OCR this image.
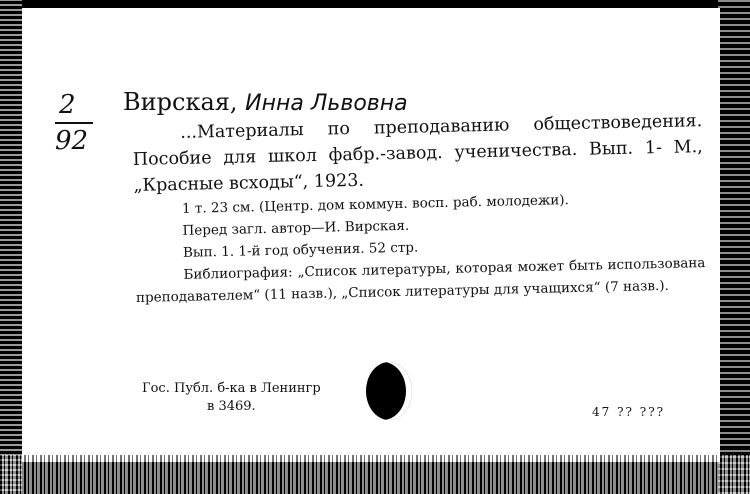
2
92
Вирская, Инна Львовна

...Материалы по преподаванию обществоведения. Пособие для школ фабр.-завод. ученичества. Вып. 1- М., „Красные всходы“, 1923.

1 т. 23 см. (Центр. дом коммун. восп. раб. молодежи).

Перед загл. автор—И. Вирская.

Вып. 1. 1-й год обучения. 52 стр.

Библиография: „Список литературы, которая может быть использована преподавателем“ (11 назв.), „Список литературы для учащихся“ (7 назв.).

Гос. Публ. б-ка в Ленингр
в 3469.	47 ?? ???
